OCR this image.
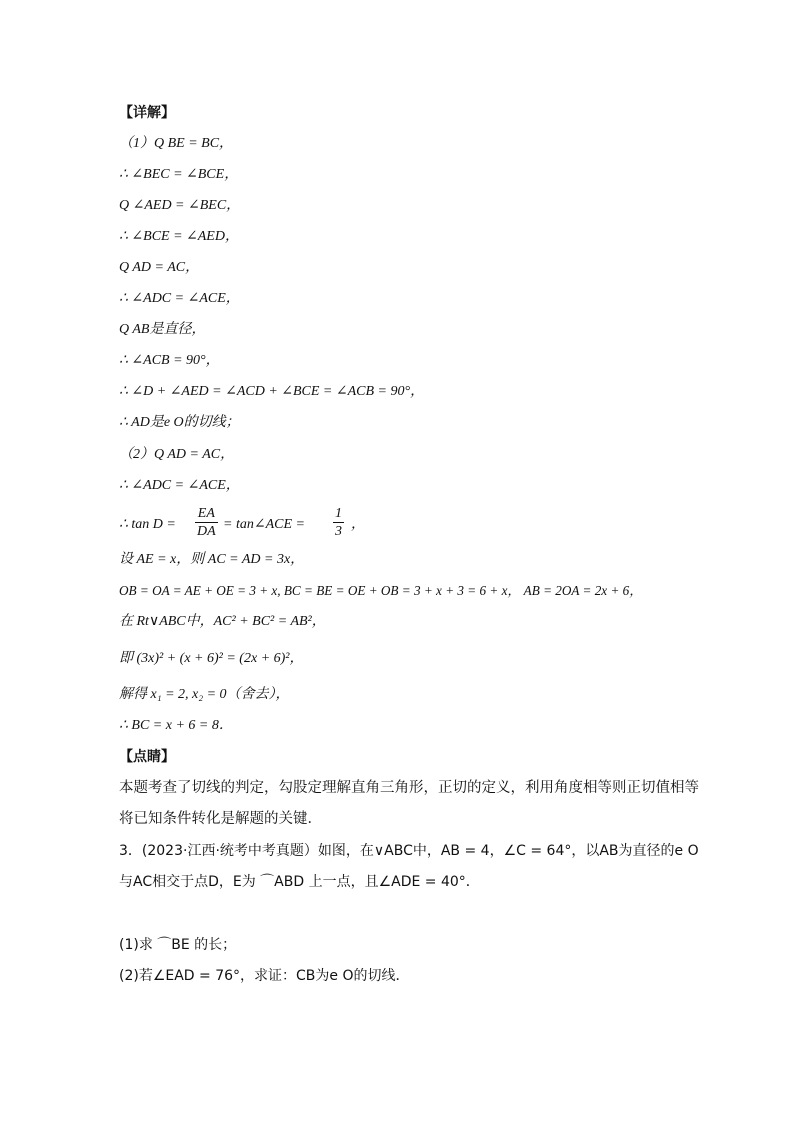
【详解】
（1）Q BE = BC，
∴ ∠BEC = ∠BCE，
Q ∠AED = ∠BEC，
∴ ∠BCE = ∠AED，
Q AD = AC，
∴ ∠ADC = ∠ACE，
Q AB是直径，
∴ ∠ACB = 90°，
∴ ∠D + ∠AED = ∠ACD + ∠BCE = ∠ACB = 90°，
∴ AD是e O的切线；
（2）Q AD = AC，
∴ ∠ADC = ∠ACE，
∴ $\tan D = \frac{EA}{DA}$ = tan∠ACE = $\frac{1}{3}$ ，
设 AE = x，则 AC = AD = 3x，
OB = OA = AE + OE = 3 + x, BC = BE = OE + OB = 3 + x + 3 = 6 + x， AB = 2OA = 2x + 6，
在 Rt∨ABC中，AC² + BC² = AB²，
即 (3x)² + (x + 6)² = (2x + 6)²，
解得 x₁ = 2, x₂ = 0（舍去），
∴ BC = x + 6 = 8．
【点睛】
本题考查了切线的判定，勾股定理解直角三角形，正切的定义，利用角度相等则正切值相等
将已知条件转化是解题的关键．
3．(2023·江西·统考中考真题）如图，在∨ABC中，AB = 4，∠C = 64°，以AB为直径的e O
与AC相交于点D，E为 ⌒ABD 上一点，且∠ADE = 40°．
(1)求 ⌒BE 的长；
(2)若∠EAD = 76°，求证：CB为e O的切线．
